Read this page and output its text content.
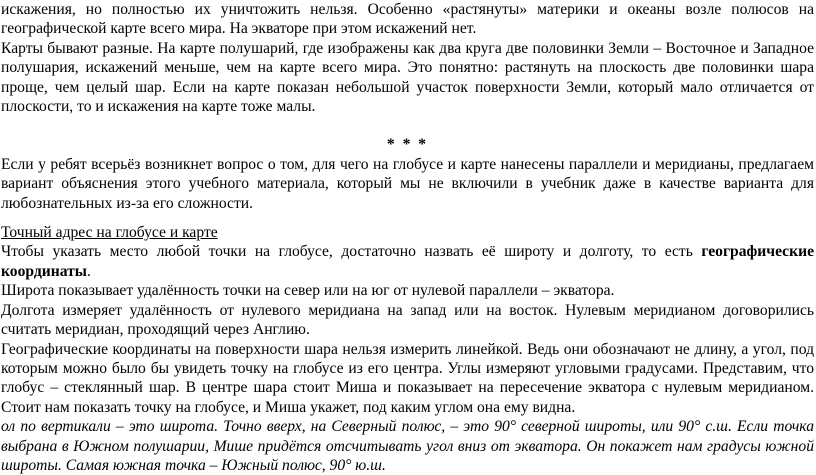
искажения, но полностью их уничтожить нельзя. Особенно «растянуты» материки и океаны возле полюсов на географической карте всего мира. На экваторе при этом искажений нет.

Карты бывают разные. На карте полушарий, где изображены как два круга две половинки Земли – Восточное и Западное полушария, искажений меньше, чем на карте всего мира. Это понятно: растянуть на плоскость две половинки шара проще, чем целый шар. Если на карте показан небольшой участок поверхности Земли, который мало отличается от плоскости, то и искажения на карте тоже малы.

* * *

Если у ребят всерьёз возникнет вопрос о том, для чего на глобусе и карте нанесены параллели и меридианы, предлагаем вариант объяснения этого учебного материала, который мы не включили в учебник даже в качестве варианта для любознательных из-за его сложности.

Точный адрес на глобусе и карте

Чтобы указать место любой точки на глобусе, достаточно назвать её широту и долготу, то есть географические координаты.

Широта показывает удалённость точки на север или на юг от нулевой параллели – экватора.

Долгота измеряет удалённость от нулевого меридиана на запад или на восток. Нулевым меридианом договорились считать меридиан, проходящий через Англию.

Географические координаты на поверхности шара нельзя измерить линейкой. Ведь они обозначают не длину, а угол, под которым можно было бы увидеть точку на глобусе из его центра. Углы измеряют угловыми градусами. Представим, что глобус – стеклянный шар. В центре шара стоит Миша и показывает на пересечение экватора с нулевым меридианом. Стоит нам показать точку на глобусе, и Миша укажет, под каким углом она ему видна.

ол по вертикали – это широта. Точно вверх, на Северный полюс, – это 90° северной широты, или 90° с.ш. Если точка выбрана в Южном полушарии, Мише придётся отсчитывать угол вниз от экватора. Он покажет нам градусы южной широты. Самая южная точка – Южный полюс, 90° ю.ш.
